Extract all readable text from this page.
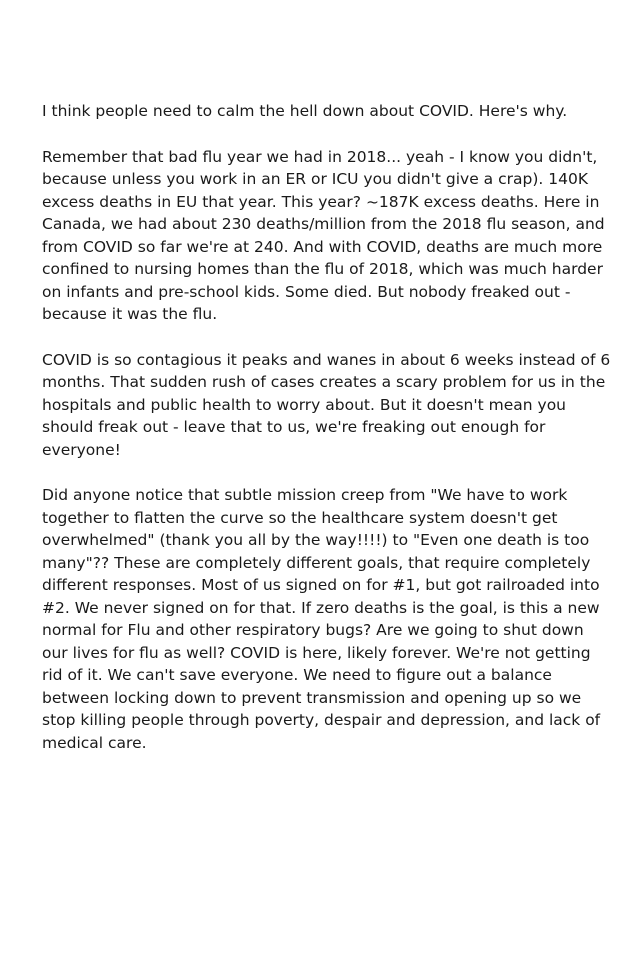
I think people need to calm the hell down about COVID. Here's why.

Remember that bad flu year we had in 2018... yeah - I know you didn't, because unless you work in an ER or ICU you didn't give a crap). 140K excess deaths in EU that year. This year? ~187K excess deaths. Here in Canada, we had about 230 deaths/million from the 2018 flu season, and from COVID so far we're at 240. And with COVID, deaths are much more confined to nursing homes than the flu of 2018, which was much harder on infants and pre-school kids. Some died. But nobody freaked out - because it was the flu.

COVID is so contagious it peaks and wanes in about 6 weeks instead of 6 months. That sudden rush of cases creates a scary problem for us in the hospitals and public health to worry about. But it doesn't mean you should freak out - leave that to us, we're freaking out enough for everyone!

Did anyone notice that subtle mission creep from "We have to work together to flatten the curve so the healthcare system doesn't get overwhelmed" (thank you all by the way!!!!) to "Even one death is too many"?? These are completely different goals, that require completely different responses. Most of us signed on for #1, but got railroaded into #2. We never signed on for that. If zero deaths is the goal, is this a new normal for Flu and other respiratory bugs? Are we going to shut down our lives for flu as well? COVID is here, likely forever. We're not getting rid of it. We can't save everyone. We need to figure out a balance between locking down to prevent transmission and opening up so we stop killing people through poverty, despair and depression, and lack of medical care.
